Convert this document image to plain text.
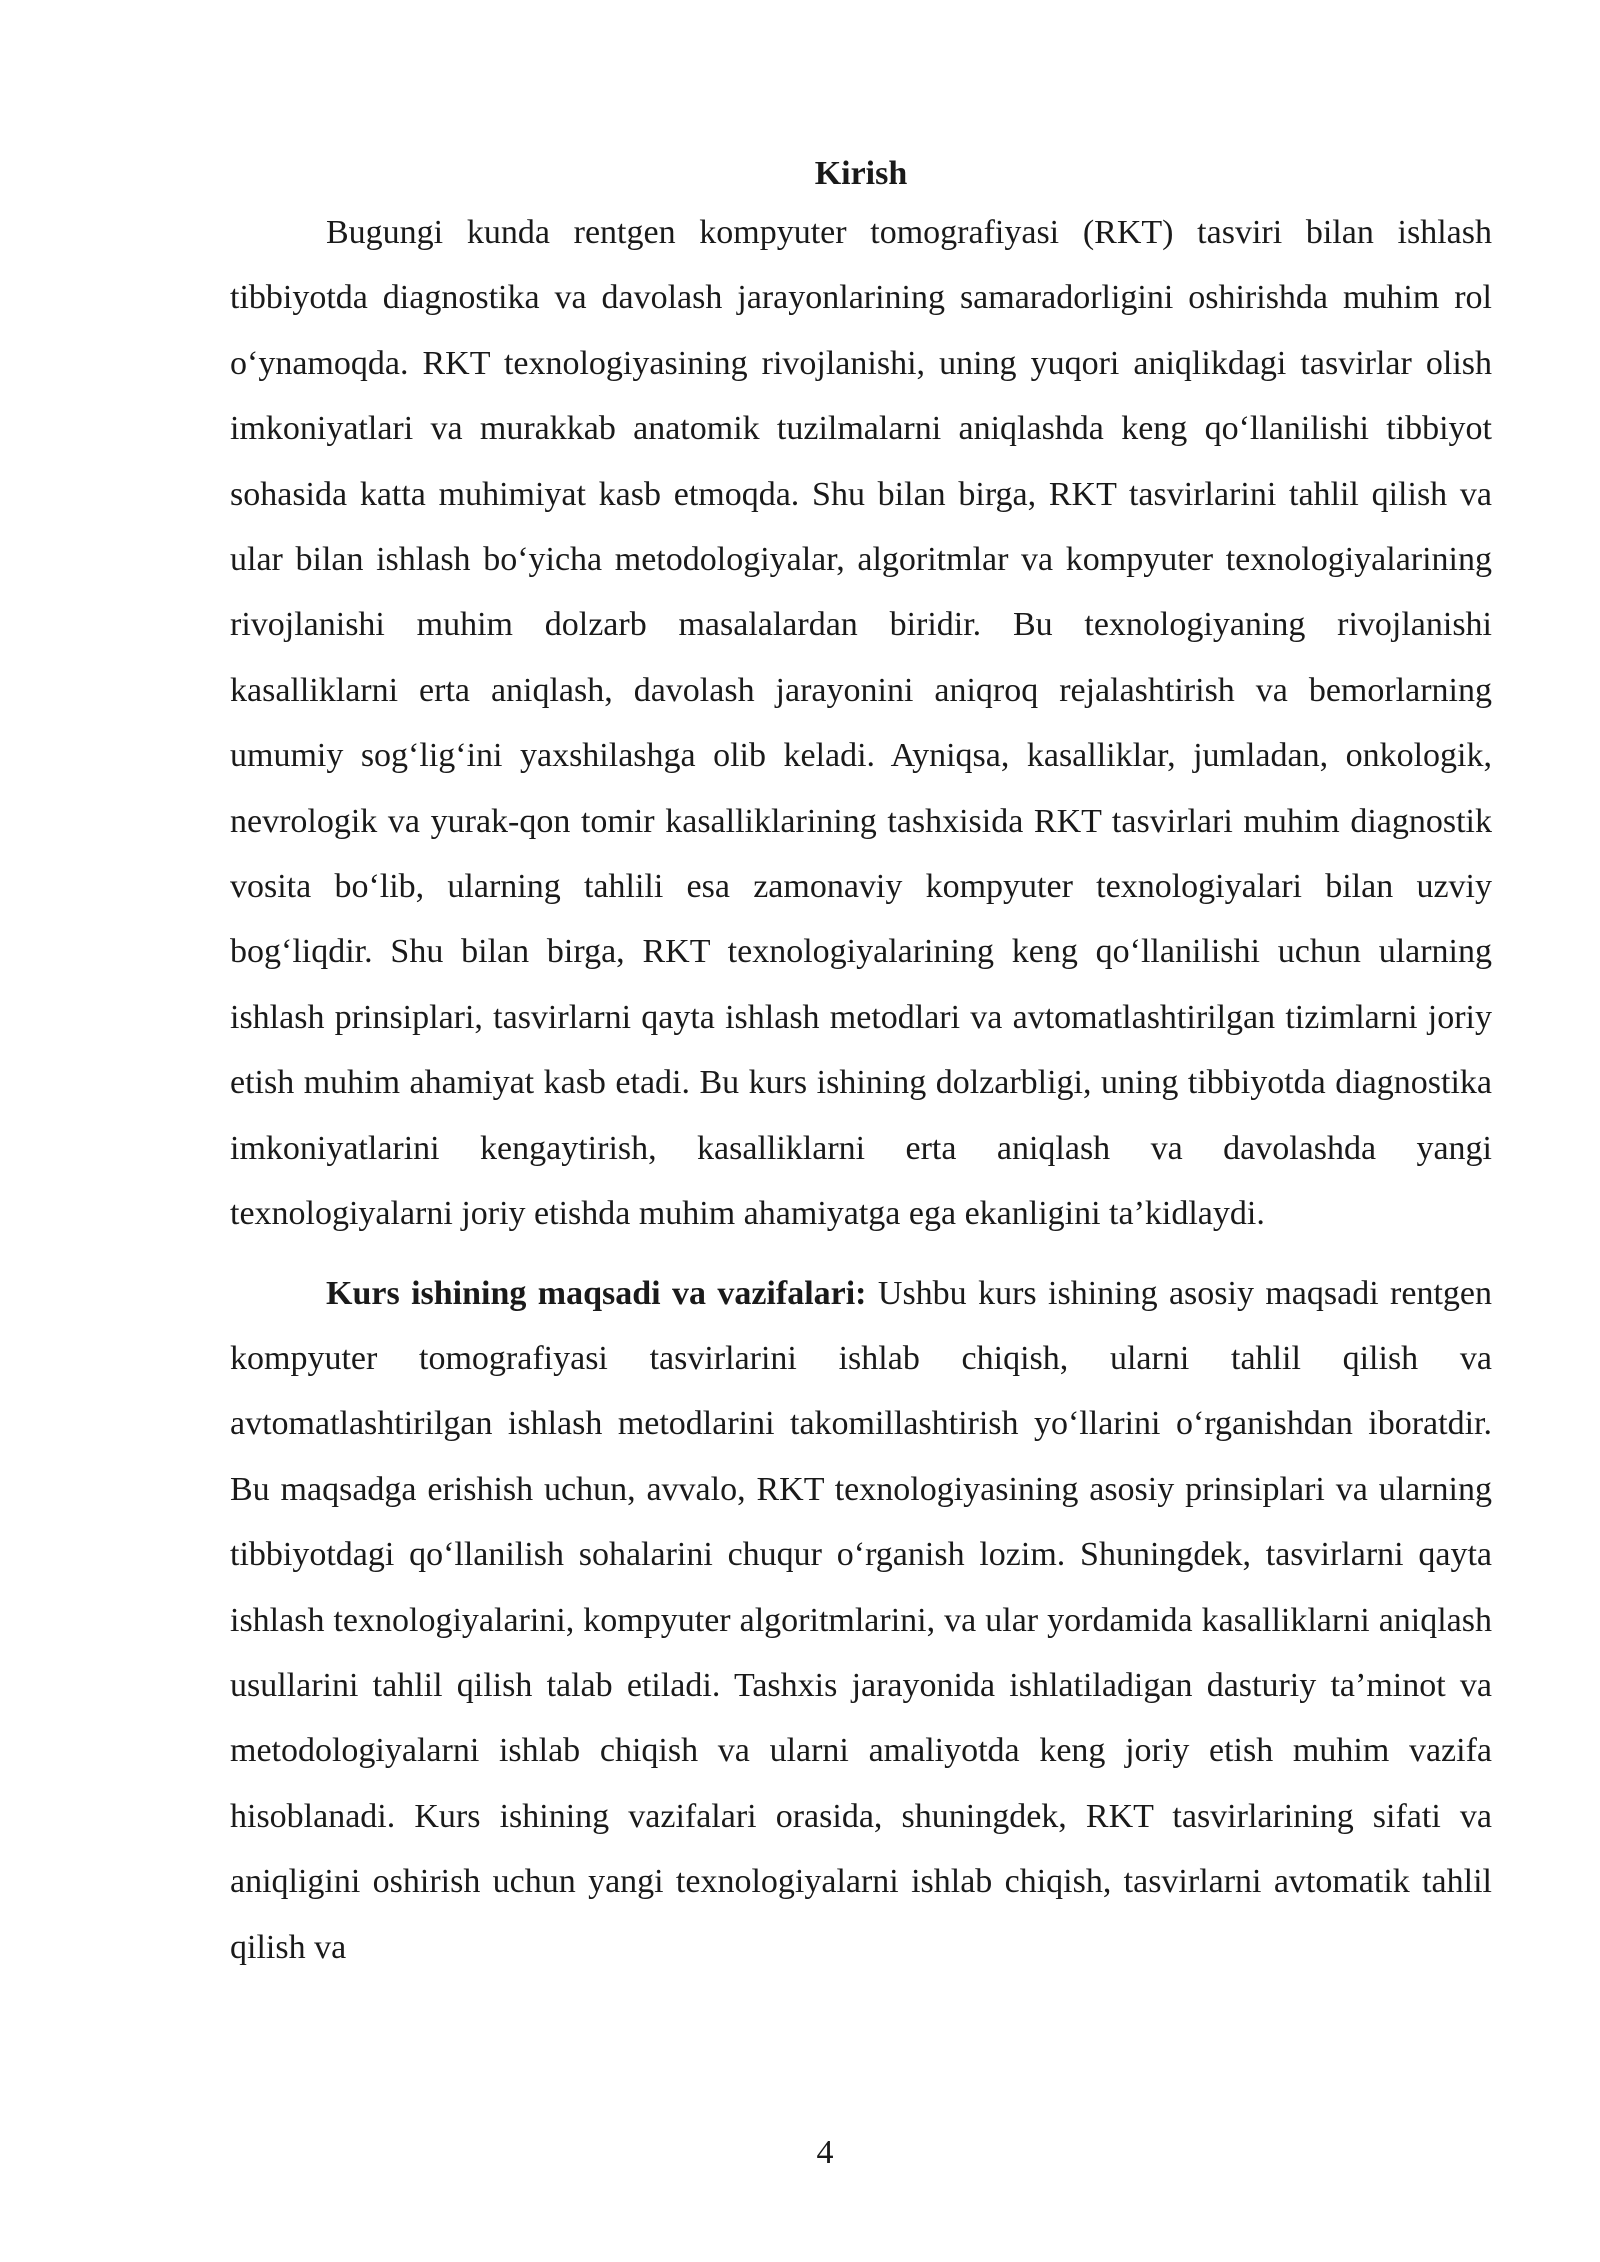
Kirish

Bugungi kunda rentgen kompyuter tomografiyasi (RKT) tasviri bilan ishlash tibbiyotda diagnostika va davolash jarayonlarining samaradorligini oshirishda muhim rol o‘ynamoqda. RKT texnologiyasining rivojlanishi, uning yuqori aniqlikdagi tasvirlar olish imkoniyatlari va murakkab anatomik tuzilmalarni aniqlashda keng qo‘llanilishi tibbiyot sohasida katta muhimiyat kasb etmoqda. Shu bilan birga, RKT tasvirlarini tahlil qilish va ular bilan ishlash bo‘yicha metodologiyalar, algoritmlar va kompyuter texnologiyalarining rivojlanishi muhim dolzarb masalalardan biridir. Bu texnologiyaning rivojlanishi kasalliklarni erta aniqlash, davolash jarayonini aniqroq rejalashtirish va bemorlarning umumiy sog‘lig‘ini yaxshilashga olib keladi. Ayniqsa, kasalliklar, jumladan, onkologik, nevrologik va yurak-qon tomir kasalliklarining tashxisida RKT tasvirlari muhim diagnostik vosita bo‘lib, ularning tahlili esa zamonaviy kompyuter texnologiyalari bilan uzviy bog‘liqdir. Shu bilan birga, RKT texnologiyalarining keng qo‘llanilishi uchun ularning ishlash prinsiplari, tasvirlarni qayta ishlash metodlari va avtomatlashtirilgan tizimlarni joriy etish muhim ahamiyat kasb etadi. Bu kurs ishining dolzarbligi, uning tibbiyotda diagnostika imkoniyatlarini kengaytirish, kasalliklarni erta aniqlash va davolashda yangi texnologiyalarni joriy etishda muhim ahamiyatga ega ekanligini ta’kidlaydi.

Kurs ishining maqsadi va vazifalari: Ushbu kurs ishining asosiy maqsadi rentgen kompyuter tomografiyasi tasvirlarini ishlab chiqish, ularni tahlil qilish va avtomatlashtirilgan ishlash metodlarini takomillashtirish yo‘llarini o‘rganishdan iboratdir. Bu maqsadga erishish uchun, avvalo, RKT texnologiyasining asosiy prinsiplari va ularning tibbiyotdagi qo‘llanilish sohalarini chuqur o‘rganish lozim. Shuningdek, tasvirlarni qayta ishlash texnologiyalarini, kompyuter algoritmlarini, va ular yordamida kasalliklarni aniqlash usullarini tahlil qilish talab etiladi. Tashxis jarayonida ishlatiladigan dasturiy ta’minot va metodologiyalarni ishlab chiqish va ularni amaliyotda keng joriy etish muhim vazifa hisoblanadi. Kurs ishining vazifalari orasida, shuningdek, RKT tasvirlarining sifati va aniqligini oshirish uchun yangi texnologiyalarni ishlab chiqish, tasvirlarni avtomatik tahlil qilish va

4
